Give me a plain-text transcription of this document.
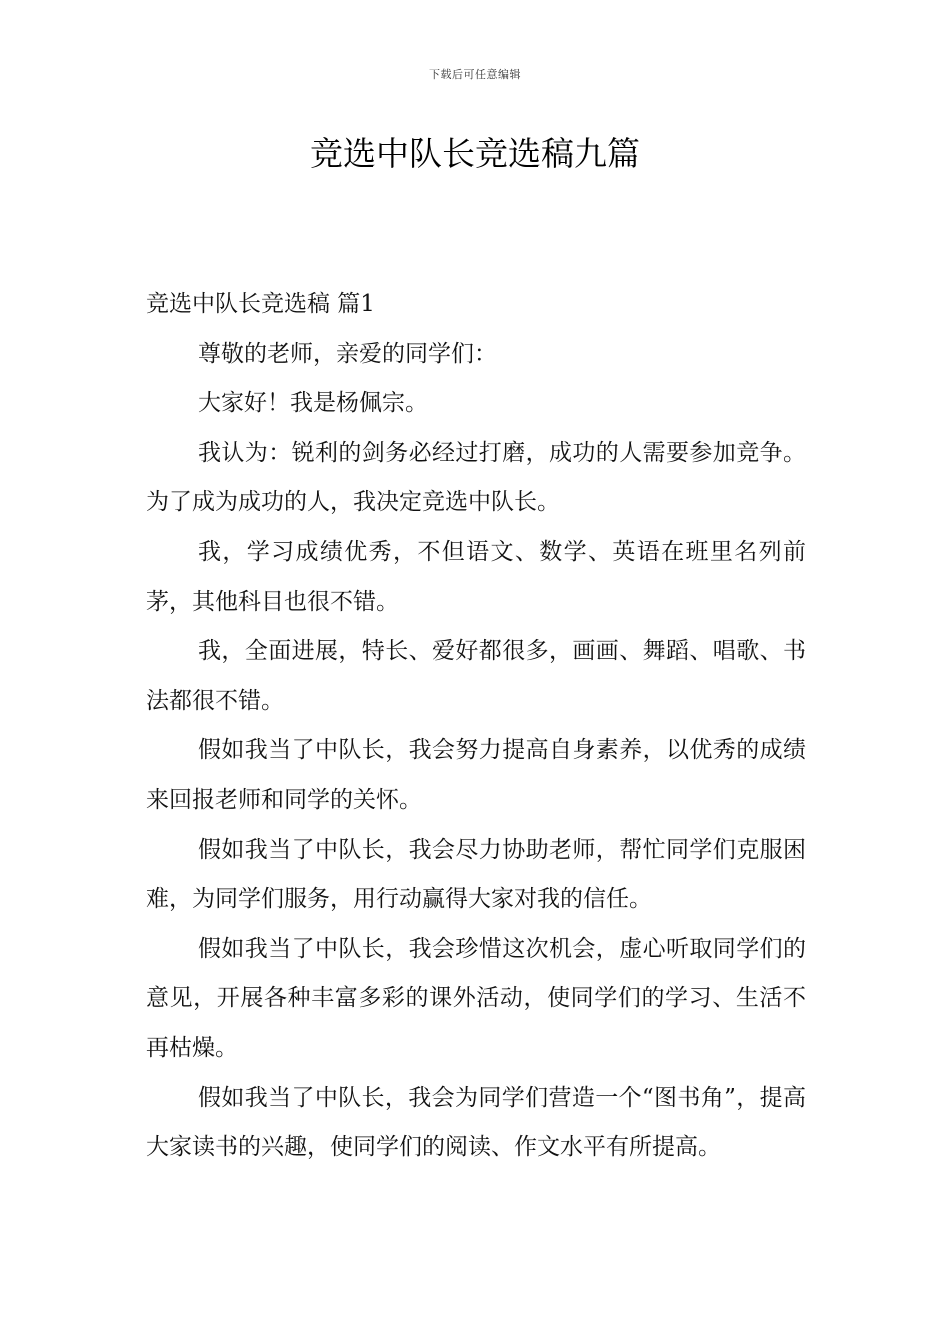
下载后可任意编辑
竞选中队长竞选稿九篇

竞选中队长竞选稿 篇1

尊敬的老师，亲爱的同学们：

大家好！我是杨佩宗。

我认为：锐利的剑务必经过打磨，成功的人需要参加竞争。为了成为成功的人，我决定竞选中队长。

我，学习成绩优秀，不但语文、数学、英语在班里名列前茅，其他科目也很不错。

我，全面进展，特长、爱好都很多，画画、舞蹈、唱歌、书法都很不错。

假如我当了中队长，我会努力提高自身素养，以优秀的成绩来回报老师和同学的关怀。

假如我当了中队长，我会尽力协助老师，帮忙同学们克服困难，为同学们服务，用行动赢得大家对我的信任。

假如我当了中队长，我会珍惜这次机会，虚心听取同学们的意见，开展各种丰富多彩的课外活动，使同学们的学习、生活不再枯燥。

假如我当了中队长，我会为同学们营造一个“图书角”，提高大家读书的兴趣，使同学们的阅读、作文水平有所提高。
